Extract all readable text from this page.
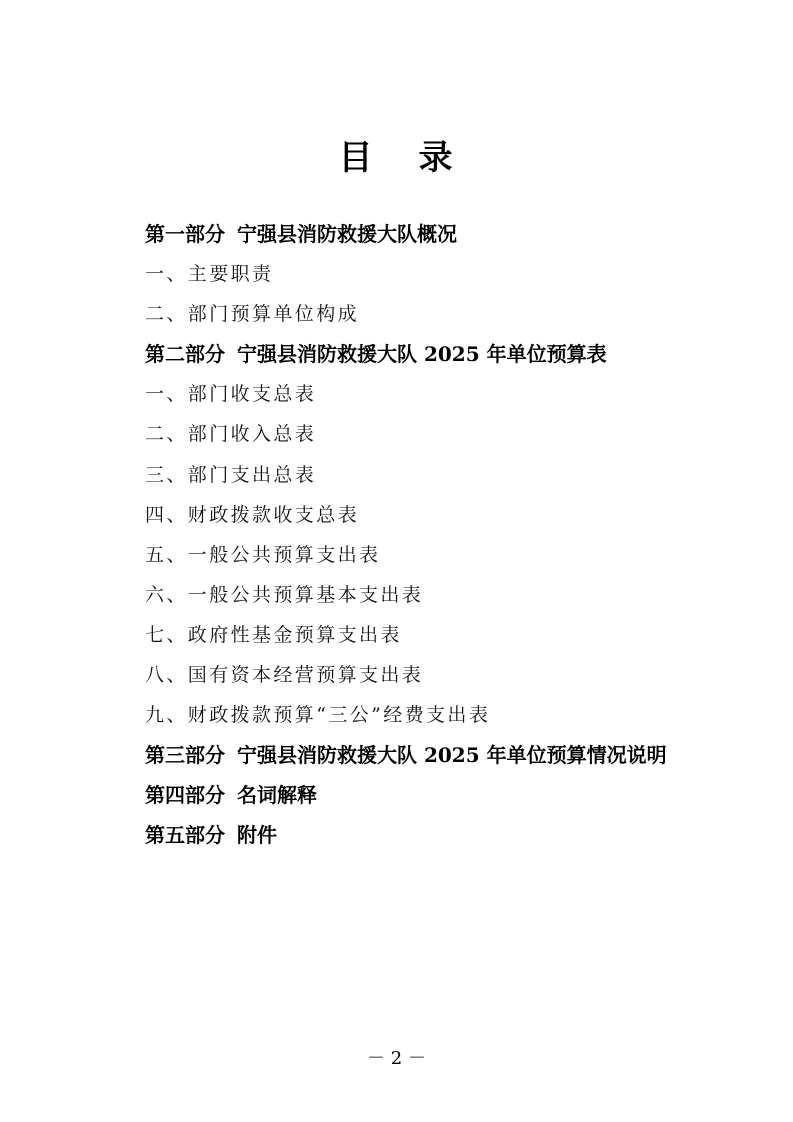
目 录
第一部分 宁强县消防救援大队概况
一、主要职责
二、部门预算单位构成
第二部分 宁强县消防救援大队 2025 年单位预算表
一、部门收支总表
二、部门收入总表
三、部门支出总表
四、财政拨款收支总表
五、一般公共预算支出表
六、一般公共预算基本支出表
七、政府性基金预算支出表
八、国有资本经营预算支出表
九、财政拨款预算“三公”经费支出表
第三部分 宁强县消防救援大队 2025 年单位预算情况说明
第四部分 名词解释
第五部分 附件
－ 2 －
